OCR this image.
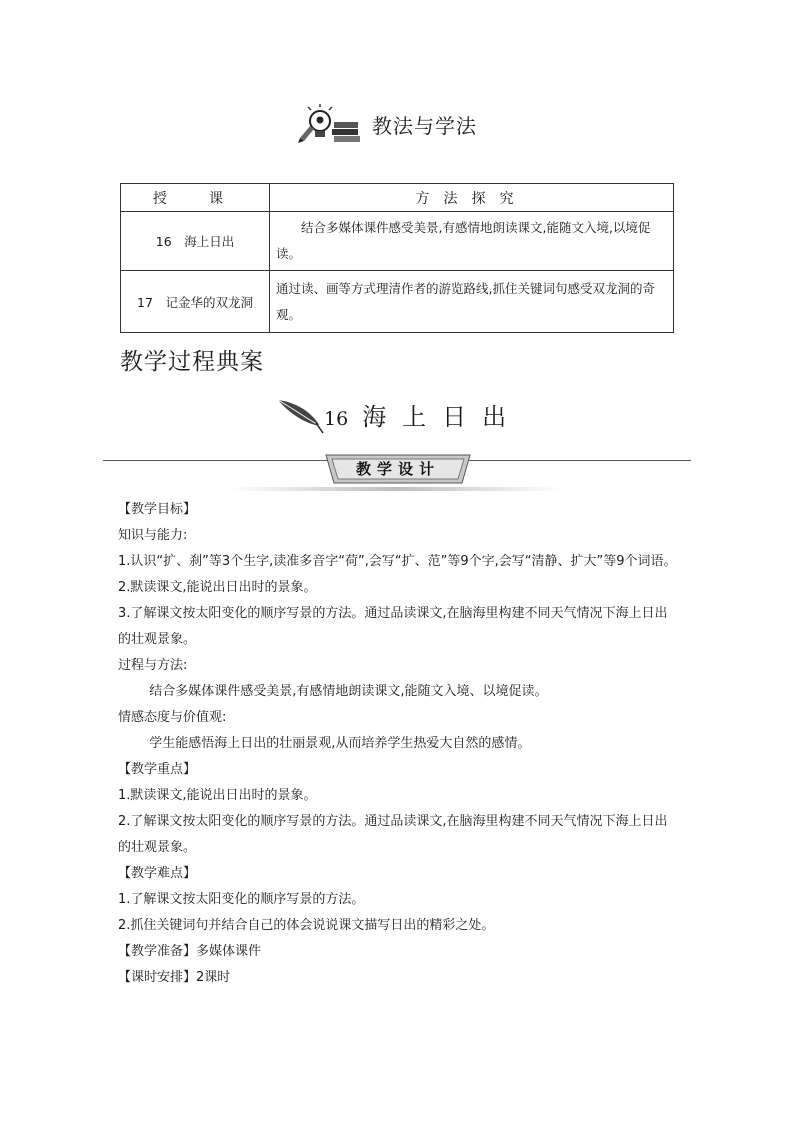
教法与学法
授　课	方法探究
16　海上日出	结合多媒体课件感受美景,有感情地朗读课文,能随文入境,以境促读。
17　记金华的双龙洞	通过读、画等方式理清作者的游览路线,抓住关键词句感受双龙洞的奇观。
教学过程典案
16 海上日出
教学设计

【教学目标】

知识与能力:

1.认识“扩、刹”等3个生字,读准多音字“荷”,会写“扩、范”等9个字,会写“清静、扩大”等9个词语。

2.默读课文,能说出日出时的景象。

3.了解课文按太阳变化的顺序写景的方法。通过品读课文,在脑海里构建不同天气情况下海上日出的壮观景象。

过程与方法:

结合多媒体课件感受美景,有感情地朗读课文,能随文入境、以境促读。

情感态度与价值观:

学生能感悟海上日出的壮丽景观,从而培养学生热爱大自然的感情。

【教学重点】

1.默读课文,能说出日出时的景象。

2.了解课文按太阳变化的顺序写景的方法。通过品读课文,在脑海里构建不同天气情况下海上日出的壮观景象。

【教学难点】

1.了解课文按太阳变化的顺序写景的方法。

2.抓住关键词句并结合自己的体会说说课文描写日出的精彩之处。

【教学准备】多媒体课件

【课时安排】2课时
